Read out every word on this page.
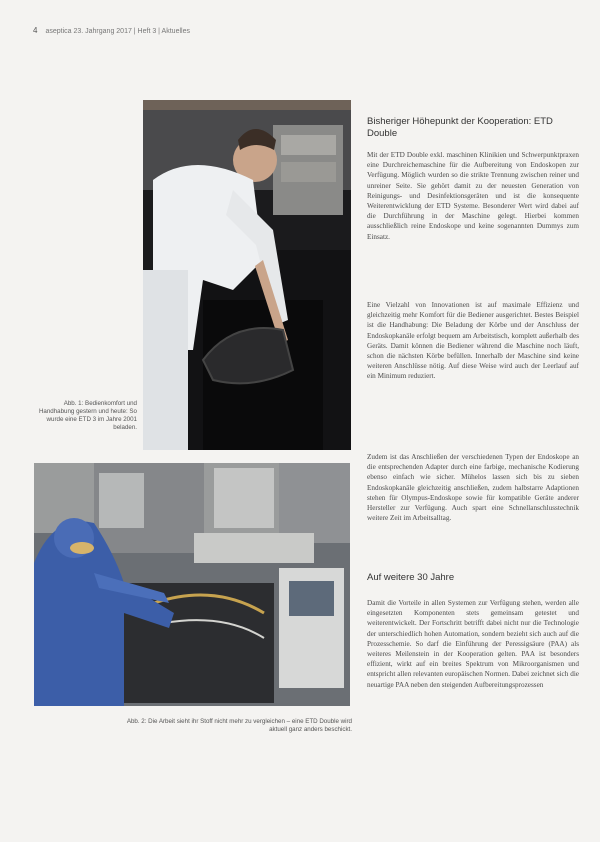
4 aseptica 23. Jahrgang 2017 | Heft 3 | Aktuelles
Abb. 1: Bedienkomfort und Handhabung gestern und heute: So wurde eine ETD 3 im Jahre 2001 beladen.
Abb. 2: Die Arbeit sieht ihr Stoff nicht mehr zu vergleichen – eine ETD Double wird aktuell ganz anders beschickt.
Bisheriger Höhepunkt der Kooperation: ETD Double

Mit der ETD Double exkl. maschinen Klinikien und Schwerpunktpraxen eine Durchreichemaschine für die Aufbereitung von Endoskopen zur Verfügung. Möglich wurden so die strikte Trennung zwischen reiner und unreiner Seite. Sie gehört damit zu der neuesten Generation von Reinigungs- und Desinfektionsgeräten und ist die konsequente Weiterentwicklung der ETD Systeme. Besonderer Wert wird dabei auf die Durchführung in der Maschine gelegt. Hierbei kommen ausschließlich reine Endoskope und keine sogenannten Dummys zum Einsatz.

Eine Vielzahl von Innovationen ist auf maximale Effizienz und gleichzeitig mehr Komfort für die Bediener ausgerichtet. Bestes Beispiel ist die Handhabung: Die Beladung der Körbe und der Anschluss der Endoskopkanäle erfolgt bequem am Arbeitstisch, komplett außerhalb des Geräts. Damit können die Bediener während die Maschine noch läuft, schon die nächsten Körbe befüllen. Innerhalb der Maschine sind keine weiteren Anschlüsse nötig. Auf diese Weise wird auch der Leerlauf auf ein Minimum reduziert.

Zudem ist das Anschließen der verschiedenen Typen der Endoskope an die entsprechenden Adapter durch eine farbige, mechanische Kodierung ebenso einfach wie sicher. Mühelos lassen sich bis zu sieben Endoskopkanäle gleichzeitig anschließen, zudem halbstarre Adaptionen stehen für Olympus-Endoskope sowie für kompatible Geräte anderer Hersteller zur Verfügung. Auch spart eine Schnellanschlusstechnik weitere Zeit im Arbeitsalltag.

Auf weitere 30 Jahre

Damit die Vorteile in allen Systemen zur Verfügung stehen, werden alle eingesetzten Komponenten stets gemeinsam getestet und weiterentwickelt. Der Fortschritt betrifft dabei nicht nur die Technologie der unterschiedlich hohen Automation, sondern bezieht sich auch auf die Prozesschemie. So darf die Einführung der Peressigsäure (PAA) als weiteres Meilenstein in der Kooperation gelten. PAA ist besonders effizient, wirkt auf ein breites Spektrum von Mikroorganismen und entspricht allen relevanten europäischen Normen. Dabei zeichnet sich die neuartige PAA neben den steigenden Aufbereitungsprozessen
